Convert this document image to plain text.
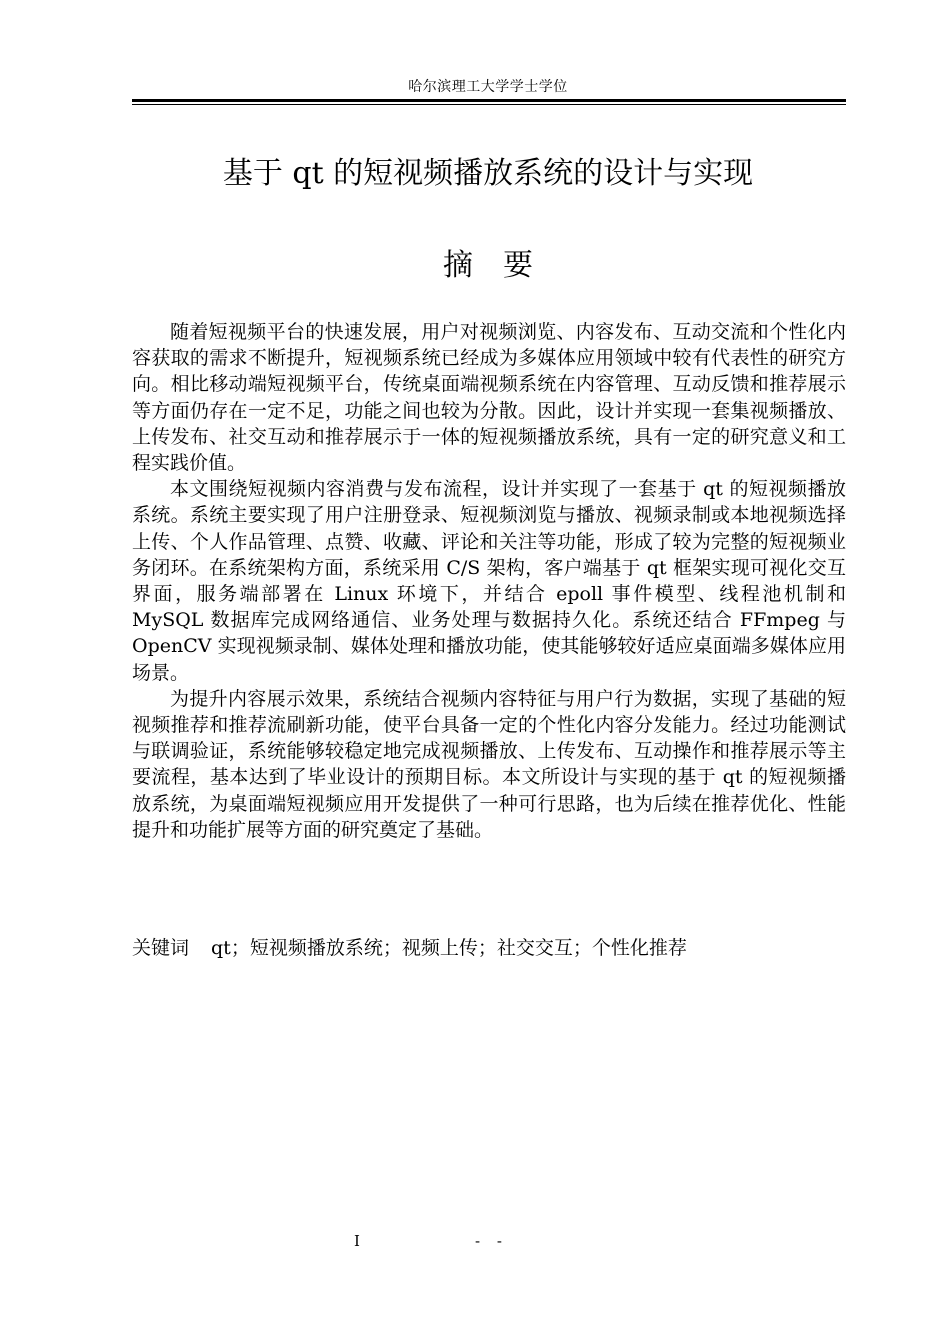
哈尔滨理工大学学士学位
基于 qt 的短视频播放系统的设计与实现
摘要

随着短视频平台的快速发展，用户对视频浏览、内容发布、互动交流和个性化内容获取的需求不断提升，短视频系统已经成为多媒体应用领域中较有代表性的研究方向。相比移动端短视频平台，传统桌面端视频系统在内容管理、互动反馈和推荐展示等方面仍存在一定不足，功能之间也较为分散。因此，设计并实现一套集视频播放、上传发布、社交互动和推荐展示于一体的短视频播放系统，具有一定的研究意义和工程实践价值。

本文围绕短视频内容消费与发布流程，设计并实现了一套基于 qt 的短视频播放系统。系统主要实现了用户注册登录、短视频浏览与播放、视频录制或本地视频选择上传、个人作品管理、点赞、收藏、评论和关注等功能，形成了较为完整的短视频业务闭环。在系统架构方面，系统采用 C/S 架构，客户端基于 qt 框架实现可视化交互界面，服务端部署在 Linux 环境下，并结合 epoll 事件模型、线程池机制和 MySQL 数据库完成网络通信、业务处理与数据持久化。系统还结合 FFmpeg 与 OpenCV 实现视频录制、媒体处理和播放功能，使其能够较好适应桌面端多媒体应用场景。

为提升内容展示效果，系统结合视频内容特征与用户行为数据，实现了基础的短视频推荐和推荐流刷新功能，使平台具备一定的个性化内容分发能力。经过功能测试与联调验证，系统能够较稳定地完成视频播放、上传发布、互动操作和推荐展示等主要流程，基本达到了毕业设计的预期目标。本文所设计与实现的基于 qt 的短视频播放系统，为桌面端短视频应用开发提供了一种可行思路，也为后续在推荐优化、性能提升和功能扩展等方面的研究奠定了基础。

关键词 qt；短视频播放系统；视频上传；社交交互；个性化推荐
I	- -
